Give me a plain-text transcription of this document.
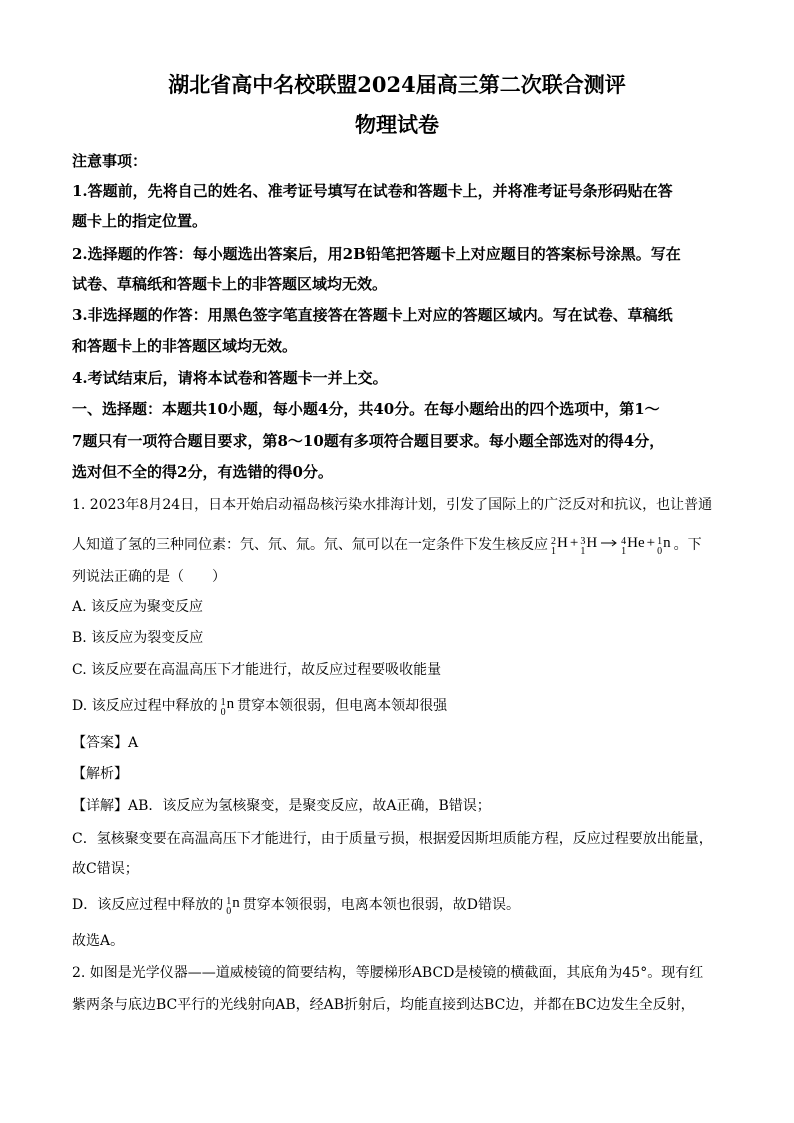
湖北省高中名校联盟2024届高三第二次联合测评
物理试卷
注意事项：
1.答题前，先将自己的姓名、准考证号填写在试卷和答题卡上，并将准考证号条形码贴在答
题卡上的指定位置。
2.选择题的作答：每小题选出答案后，用2B铅笔把答题卡上对应题目的答案标号涂黑。写在
试卷、草稿纸和答题卡上的非答题区域均无效。
3.非选择题的作答：用黑色签字笔直接答在答题卡上对应的答题区域内。写在试卷、草稿纸
和答题卡上的非答题区域均无效。
4.考试结束后，请将本试卷和答题卡一并上交。
一、选择题：本题共10小题，每小题4分，共40分。在每小题给出的四个选项中，第1～
7题只有一项符合题目要求，第8～10题有多项符合题目要求。每小题全部选对的得4分，
选对但不全的得2分，有选错的得0分。
1. 2023年8月24日，日本开始启动福岛核污染水排海计划，引发了国际上的广泛反对和抗议，也让普通
人知道了氢的三种同位素：氕、氘、氚。氘、氚可以在一定条件下发生核反应 2
1
H + 3
1
H → 4
1
He + 1
0
n 。下
列说法正确的是（　　）
A. 该反应为聚变反应
B. 该反应为裂变反应
C. 该反应要在高温高压下才能进行，故反应过程要吸收能量
D. 该反应过程中释放的 1
0
n 贯穿本领很弱，但电离本领却很强
【答案】A
【解析】
【详解】AB．该反应为氢核聚变，是聚变反应，故A正确，B错误；
C．氢核聚变要在高温高压下才能进行，由于质量亏损，根据爱因斯坦质能方程，反应过程要放出能量，
故C错误；
D．该反应过程中释放的 1
0
n 贯穿本领很弱，电离本领也很弱，故D错误。
故选A。
2. 如图是光学仪器——道威棱镜的简要结构，等腰梯形ABCD是棱镜的横截面，其底角为45°。现有红
紫两条与底边BC平行的光线射向AB，经AB折射后，均能直接到达BC边，并都在BC边发生全反射，
